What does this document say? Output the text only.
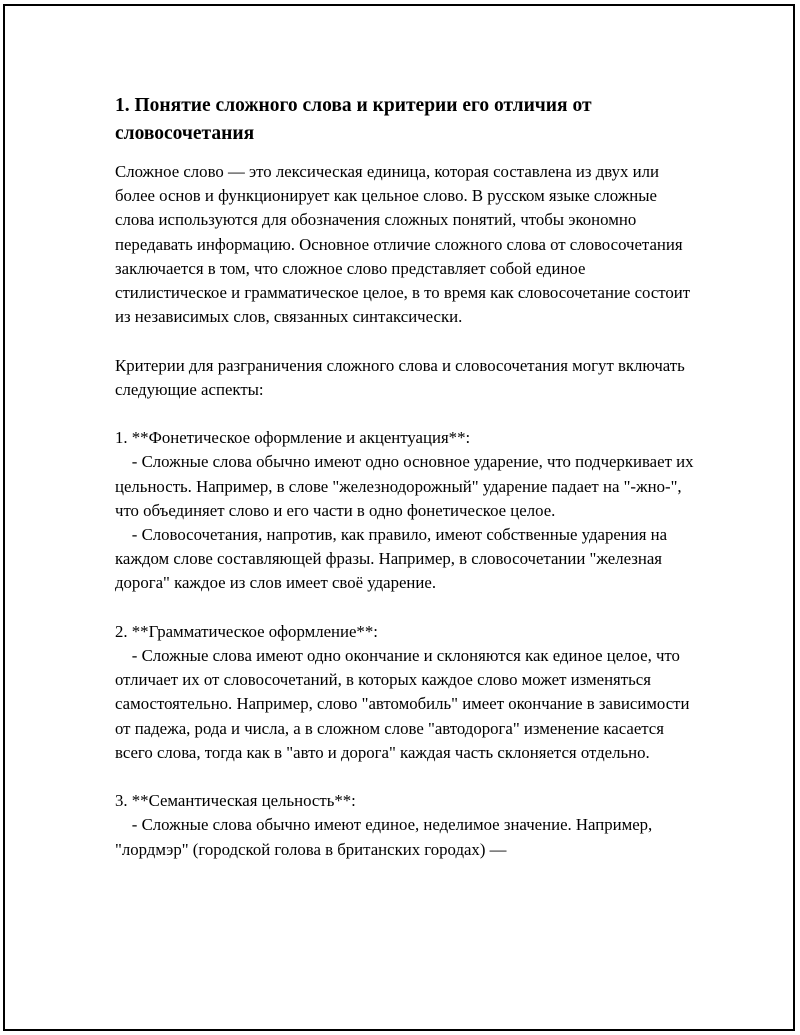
1. Понятие сложного слова и критерии его отличия от словосочетания

Сложное слово — это лексическая единица, которая составлена из двух или более основ и функционирует как цельное слово. В русском языке сложные слова используются для обозначения сложных понятий, чтобы экономно передавать информацию. Основное отличие сложного слова от словосочетания заключается в том, что сложное слово представляет собой единое стилистическое и грамматическое целое, в то время как словосочетание состоит из независимых слов, связанных синтаксически.

Критерии для разграничения сложного слова и словосочетания могут включать следующие аспекты:

1. **Фонетическое оформление и акцентуация**:

- Сложные слова обычно имеют одно основное ударение, что подчеркивает их цельность. Например, в слове "железнодорожный" ударение падает на "-жно-", что объединяет слово и его части в одно фонетическое целое.

- Словосочетания, напротив, как правило, имеют собственные ударения на каждом слове составляющей фразы. Например, в словосочетании "железная дорога" каждое из слов имеет своё ударение.

2. **Грамматическое оформление**:

- Сложные слова имеют одно окончание и склоняются как единое целое, что отличает их от словосочетаний, в которых каждое слово может изменяться самостоятельно. Например, слово "автомобиль" имеет окончание в зависимости от падежа, рода и числа, а в сложном слове "автодорога" изменение касается всего слова, тогда как в "авто и дорога" каждая часть склоняется отдельно.

3. **Семантическая цельность**:

- Сложные слова обычно имеют единое, неделимое значение. Например, "лордмэр" (городской голова в британских городах) —
